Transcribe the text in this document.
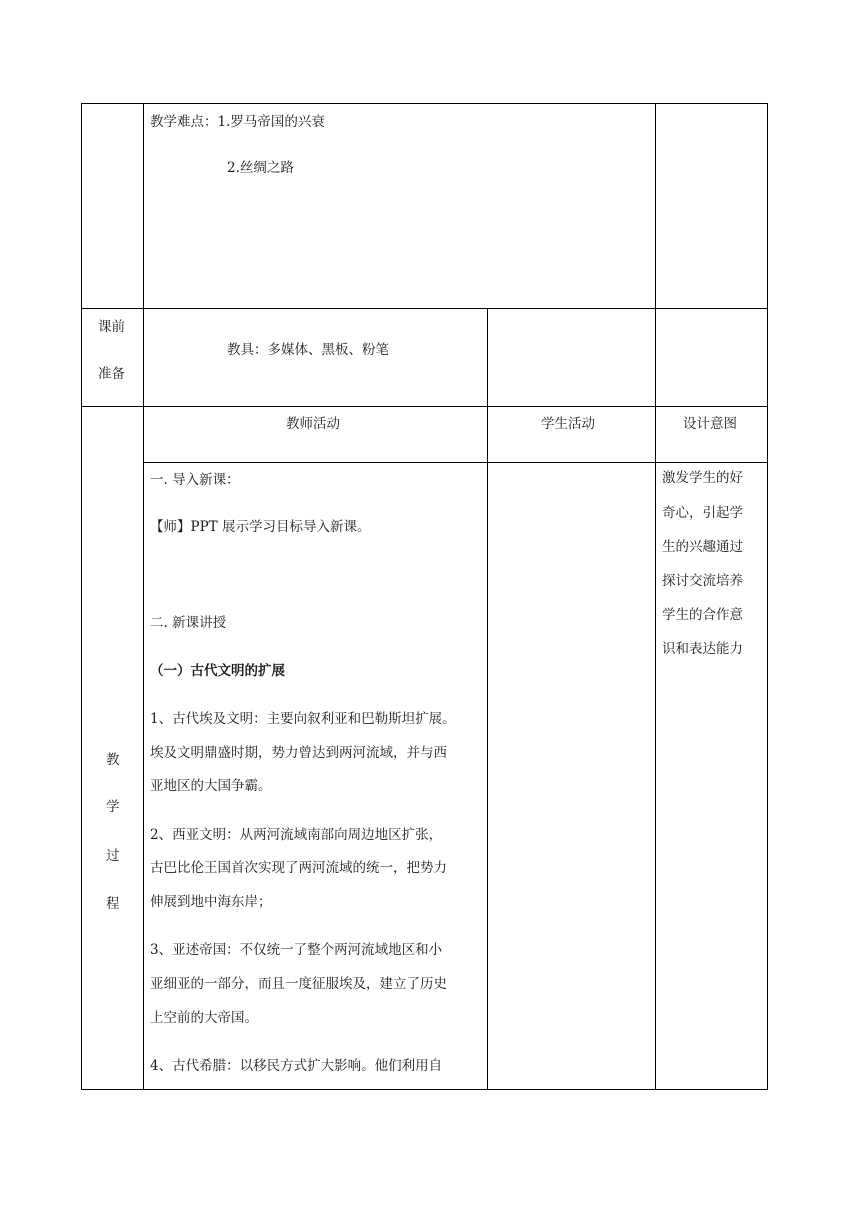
教学难点：1.罗马帝国的兴衰
2.丝绸之路
课前
准备
教具：多媒体、黑板、粉笔
教师活动	学生活动	设计意图
教
学
过
程
一. 导入新课：
【师】PPT 展示学习目标导入新课。
二. 新课讲授
（一）古代文明的扩展
1、古代埃及文明：主要向叙利亚和巴勒斯坦扩展。
埃及文明鼎盛时期，势力曾达到两河流域，并与西
亚地区的大国争霸。
2、西亚文明：从两河流域南部向周边地区扩张，
古巴比伦王国首次实现了两河流域的统一，把势力
伸展到地中海东岸；
3、亚述帝国：不仅统一了整个两河流域地区和小
亚细亚的一部分，而且一度征服埃及，建立了历史
上空前的大帝国。
4、古代希腊：以移民方式扩大影响。他们利用自
激发学生的好
奇心，引起学
生的兴趣通过
探讨交流培养
学生的合作意
识和表达能力
